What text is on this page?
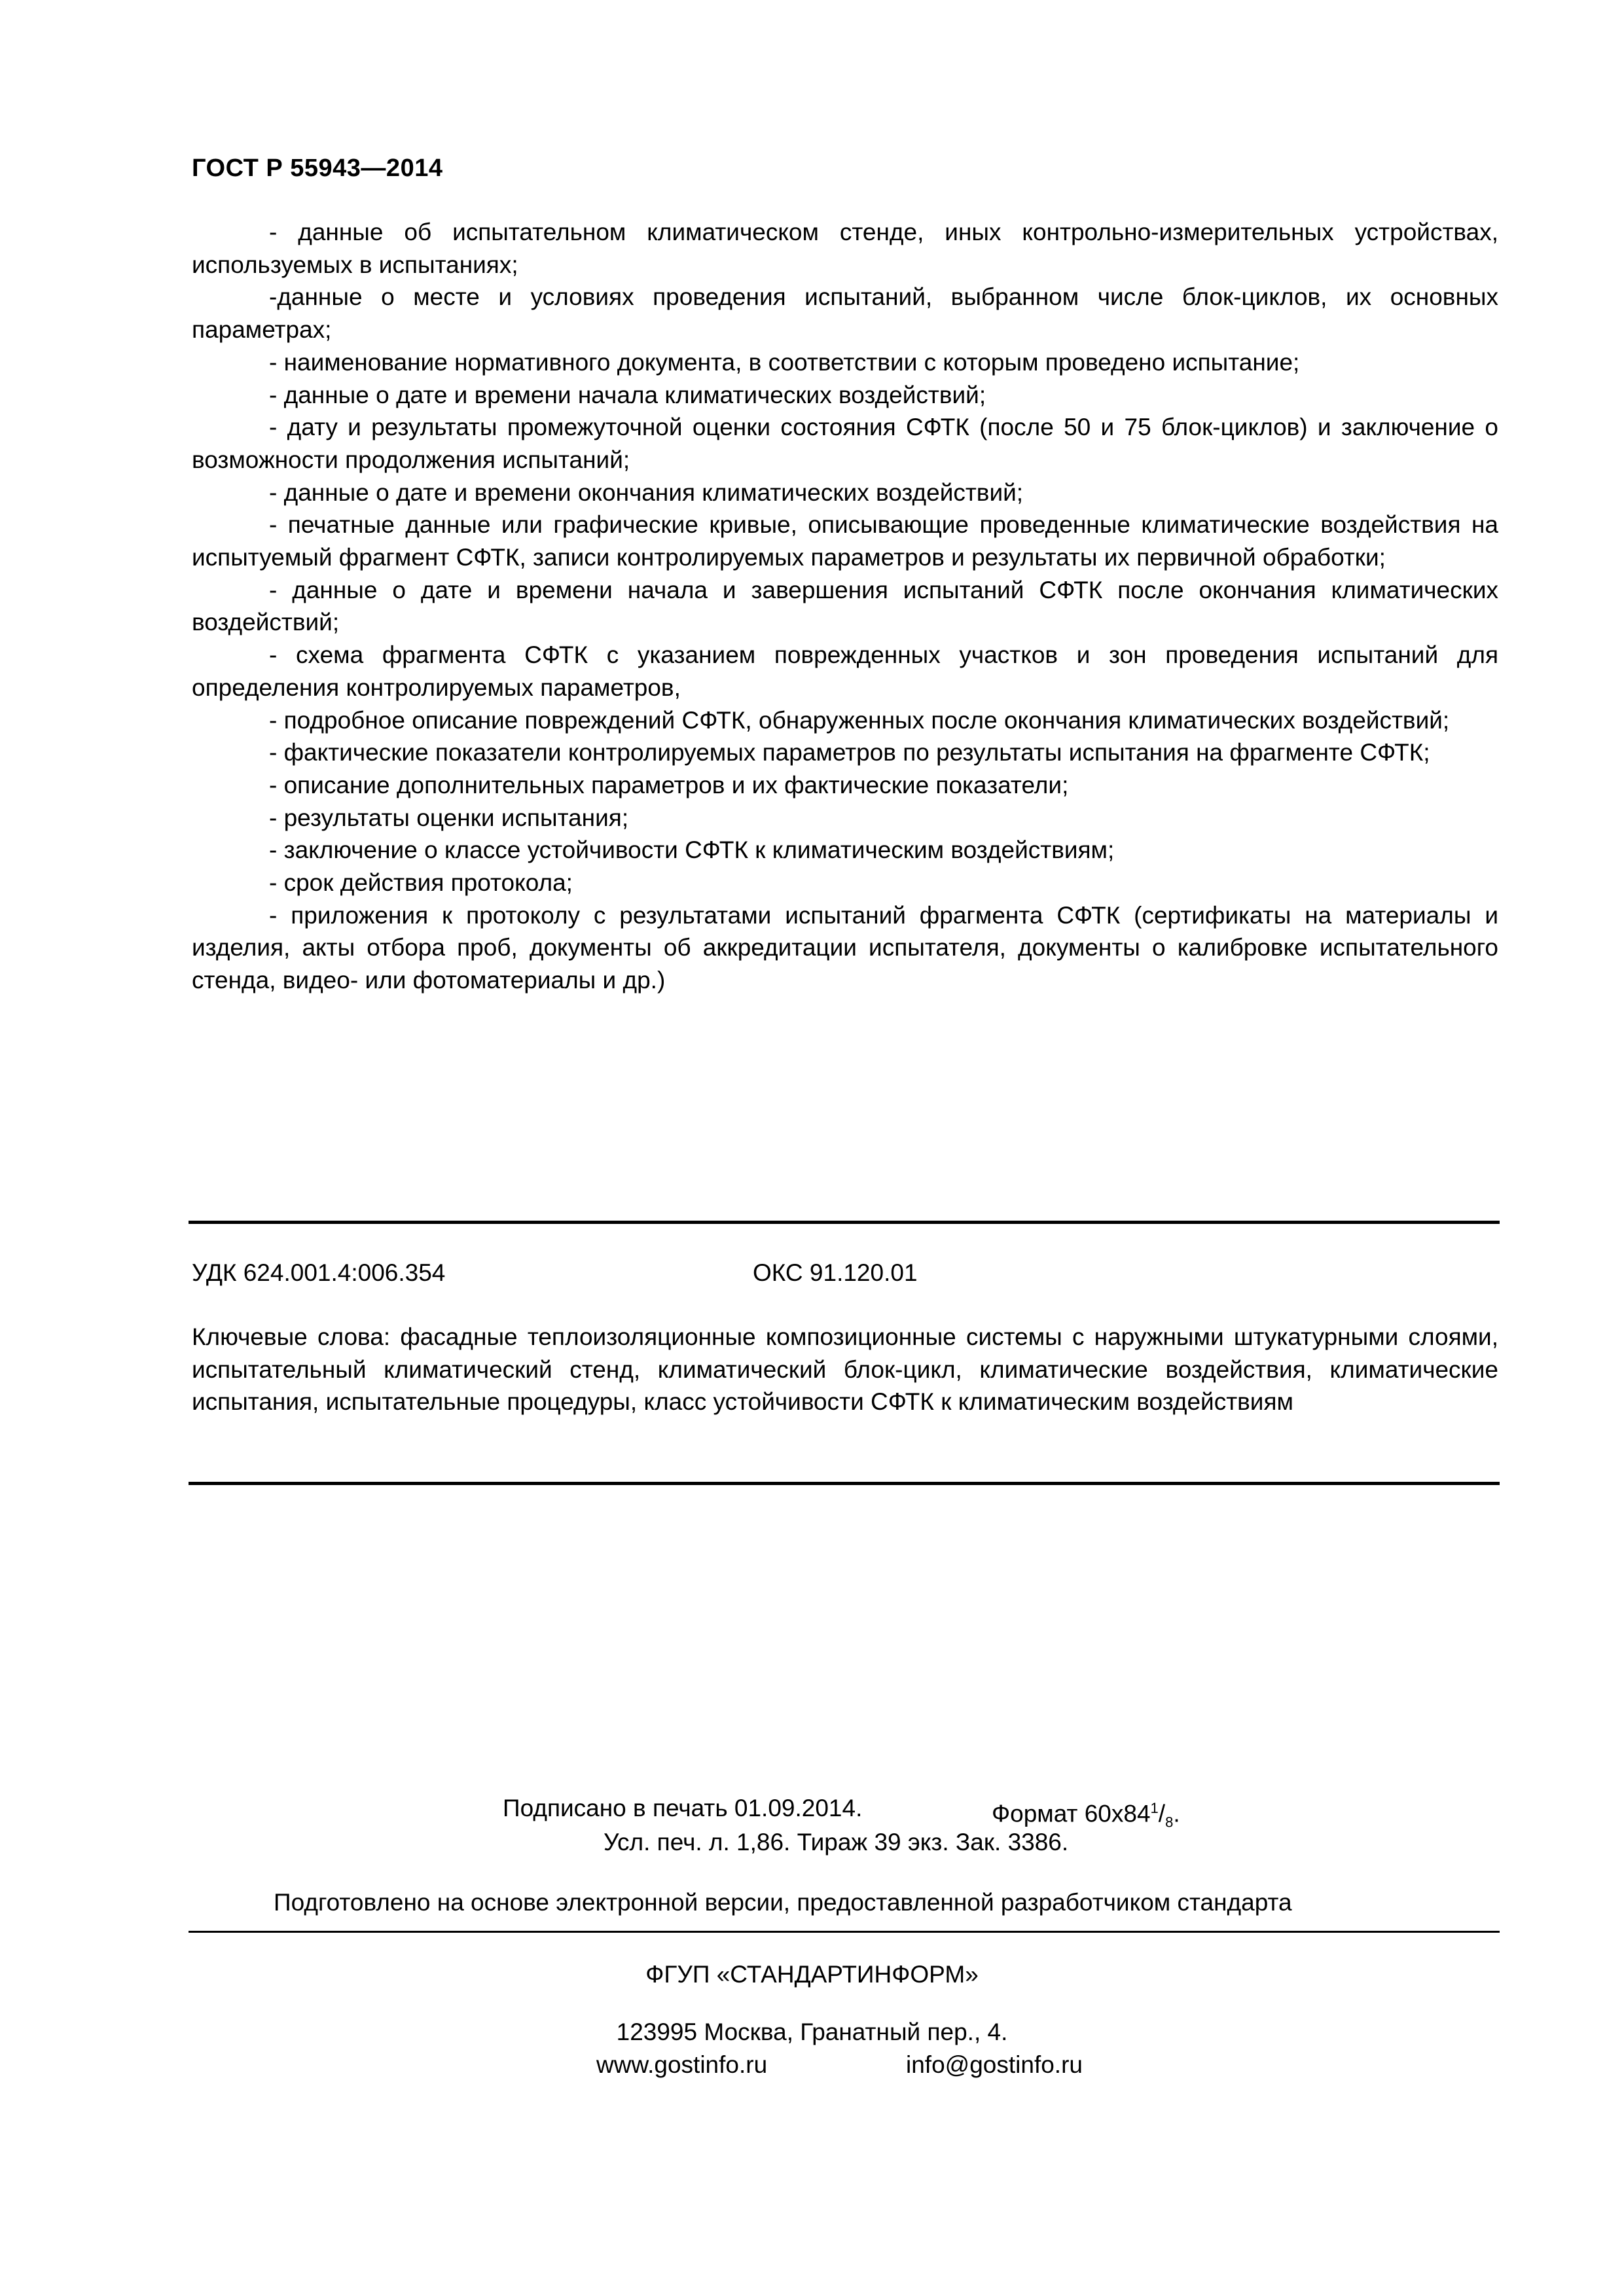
ГОСТ Р 55943—2014

- данные об испытательном климатическом стенде, иных контрольно-измерительных устройствах, используемых в испытаниях;

-данные о месте и условиях проведения испытаний, выбранном числе блок-циклов, их основных параметрах;

- наименование нормативного документа, в соответствии с которым проведено испытание;

- данные о дате и времени начала климатических воздействий;

- дату и результаты промежуточной оценки состояния СФТК (после 50 и 75 блок-циклов) и заключение о возможности продолжения испытаний;

- данные о дате и времени окончания климатических воздействий;

- печатные данные или графические кривые, описывающие проведенные климатические воздействия на испытуемый фрагмент СФТК, записи контролируемых параметров и результаты их первичной обработки;

- данные о дате и времени начала и завершения испытаний СФТК после окончания климатических воздействий;

- схема фрагмента СФТК с указанием поврежденных участков и зон проведения испытаний для определения контролируемых параметров,

- подробное описание повреждений СФТК, обнаруженных после окончания климатических воздействий;

- фактические показатели контролируемых параметров по результаты испытания на фрагменте СФТК;

- описание дополнительных параметров и их фактические показатели;

- результаты оценки испытания;

- заключение о классе устойчивости СФТК к климатическим воздействиям;

- срок действия протокола;

- приложения к протоколу с результатами испытаний фрагмента СФТК (сертификаты на материалы и изделия, акты отбора проб, документы об аккредитации испытателя, документы о калибровке испытательного стенда, видео- или фотоматериалы и др.)

УДК 624.001.4:006.354	ОКС 91.120.01
Ключевые слова: фасадные теплоизоляционные композиционные системы с наружными штукатурными слоями, испытательный климатический стенд, климатический блок-цикл, климатические воздействия, климатические испытания, испытательные процедуры, класс устойчивости СФТК к климатическим воздействиям
Подписано в печать 01.09.2014.	Формат $60x84^1/_8$.
Усл. печ. л. 1,86. Тираж 39 экз. Зак. 3386.
Подготовлено на основе электронной версии, предоставленной разработчиком стандарта
ФГУП «СТАНДАРТИНФОРМ»
123995 Москва, Гранатный пер., 4.
www.gostinfo.ru	info@gostinfo.ru
